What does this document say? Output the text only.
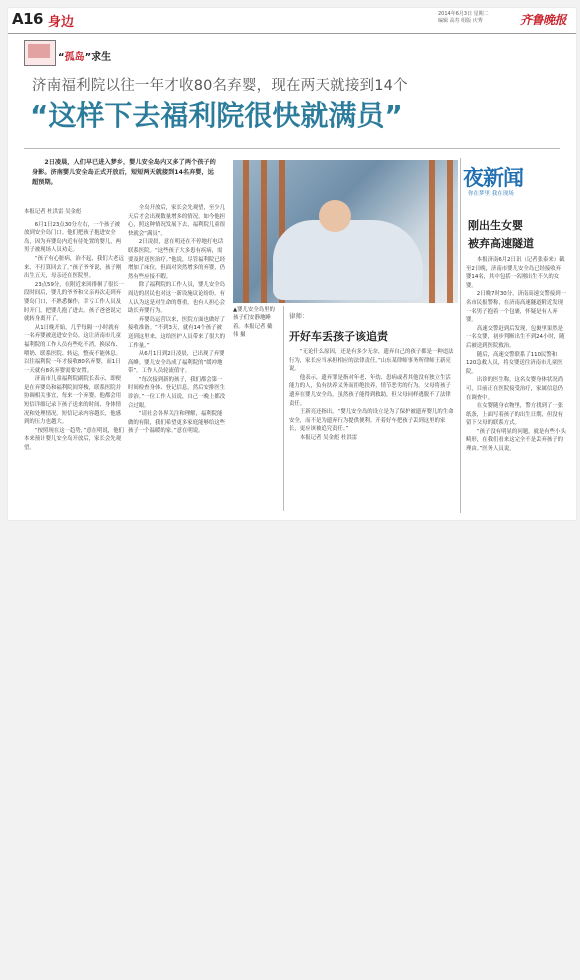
A16 身边
2014年6月3日 星期二
编辑 高寿 组版 庆秀	齐鲁晚报
“孤岛”求生
济南福利院以往一年才收80名弃婴，现在两天就接到14个
“这样下去福利院很快就满员”
2日凌晨，人们早已进入梦乡，婴儿安全岛内又多了两个孩子的身影。济南婴儿安全岛正式开放后，短短两天就接到14名弃婴，远超预期。

本报记者 杜洪雷 吴金彪

6月1日23点30分左右，一个孩子被放到安全岛门口。他们把孩子抱进安全岛，因为弃婴岛内近有待处置的婴儿，两男子被现场人员劝走。

“孩子有心脏病，治不起，我们大老远来，不打算回去了。”孩子爷爷说，孩子刚出生五天，母亲还在医院里。

23点59分，在附近来回徘徊了很长一段时间后，婴儿的爷爷和父亲再次走到弃婴岛门口，不熟悉操作，幸亏工作人员及时开门，把婴儿抱了进去。孩子爸爸说完就转身离开了。

从1日晚开始，几乎每隔一小时就有一名弃婴被送进安全岛。这让济南市儿童福利院的工作人员有些吃不消，换尿布、喂奶、联系医院、转运，整夜不能休息。以往福利院一年才接收80名弃婴，而1日一天就有8名弃婴需要安置。

济南市儿童福利院副院长表示，即便是在弃婴岛和福利院间穿梭，联系医院并协调相关事宜，每来一个弃婴，他都会用短信详细记录下孩子送来的时间、身体情况和处理情况。短信记录内容越长，他感到的压力也越大。

“按照现在这一趋势，”意在明说，他们本来预计婴儿安全岛开放后，家长会先观望。

全岛开放后，家长会先观望，至少几天后才会出现数量增多的情况。如今他担心，照这种情况发展下去，福利院儿童很快就会“满员”。

2日凌晨，意在明还在不停地打电话联系医院。“这些孩子大多患有疾病，需要及时送医治疗。”他说，尽管福利院已经增加了床位，但面对突然增多的弃婴，仍然有些应接不暇。

除了福利院的工作人员，婴儿安全岛周边的居民也对这一新设施议论纷纷。有人认为这是对生命的尊重，也有人担心会助长弃婴行为。

弃婴岛运营以来，医院方面也做好了接收准备。“不到3天，就有14个孩子被送到这里来，这给医护人员带来了很大的工作量。”

从6月1日到2日凌晨，已出现了弃婴高峰。婴儿安全岛成了福利院的“缓冲地带”，工作人员轮流值守。

“每次接到新的孩子，我们都会第一时间检查身体、登记信息，然后安排医生诊治。”一位工作人员说，自己一晚上都没合过眼。

“请社会各界关注和理解，福利院能做的有限，我们希望更多家庭能够给这些孩子一个温暖的家。”意在明说。

▲婴儿安全岛里的孩子们安静地睡着。本报记者 戴伟 摄
律师：
开好车丢孩子该追责

“无论什么原因，还是有多少无奈，遗弃自己的孩子都是一种违法行为，家长应当承担相应的法律责任。”山东某律师事务所律师王新亮说。

他表示，遗弃罪是指对年老、年幼、患病或者其他没有独立生活能力的人，负有扶养义务而拒绝扶养，情节恶劣的行为。父母将孩子遗弃在婴儿安全岛，虽然孩子能得到救助，但父母同样逃脱不了法律责任。

王新亮还指出，“婴儿安全岛的设立是为了保护被遗弃婴儿的生命安全，而不是为遗弃行为提供便利。开着好车把孩子丢到这里的家长，更应该被追究责任。”

本报记者 吴金彪 杜洪雷

夜新闻
你在梦里 我在现场
刚出生女婴
被弃高速隧道

本报济南6月2日讯（记者张泰来）截至2日晚，济南市婴儿安全岛已经接收弃婴14名，其中包括一名刚出生不久的女婴。

2日晚7时30分，济南高速交警接到一名市民报警称，在济南高速隧道附近发现一名男子抱着一个包裹，怀疑是有人弃婴。

高速交警赶到后发现，包裹里果然是一名女婴，初步判断出生不到24小时，随后被送到医院救治。

随后，高速交警联系了110民警和120急救人员，将女婴送往济南市儿童医院。

出诊的医生称，这名女婴身体状况尚可，目前正在医院接受治疗，家属信息仍在调查中。

在女婴随身衣物里，警方找到了一张纸条，上面写着孩子的出生日期，但没有留下父母的联系方式。

“孩子没有明显的问题，就是有些小头畸形，在我们看来这完全不是丢弃孩子的理由。”医务人员说。
